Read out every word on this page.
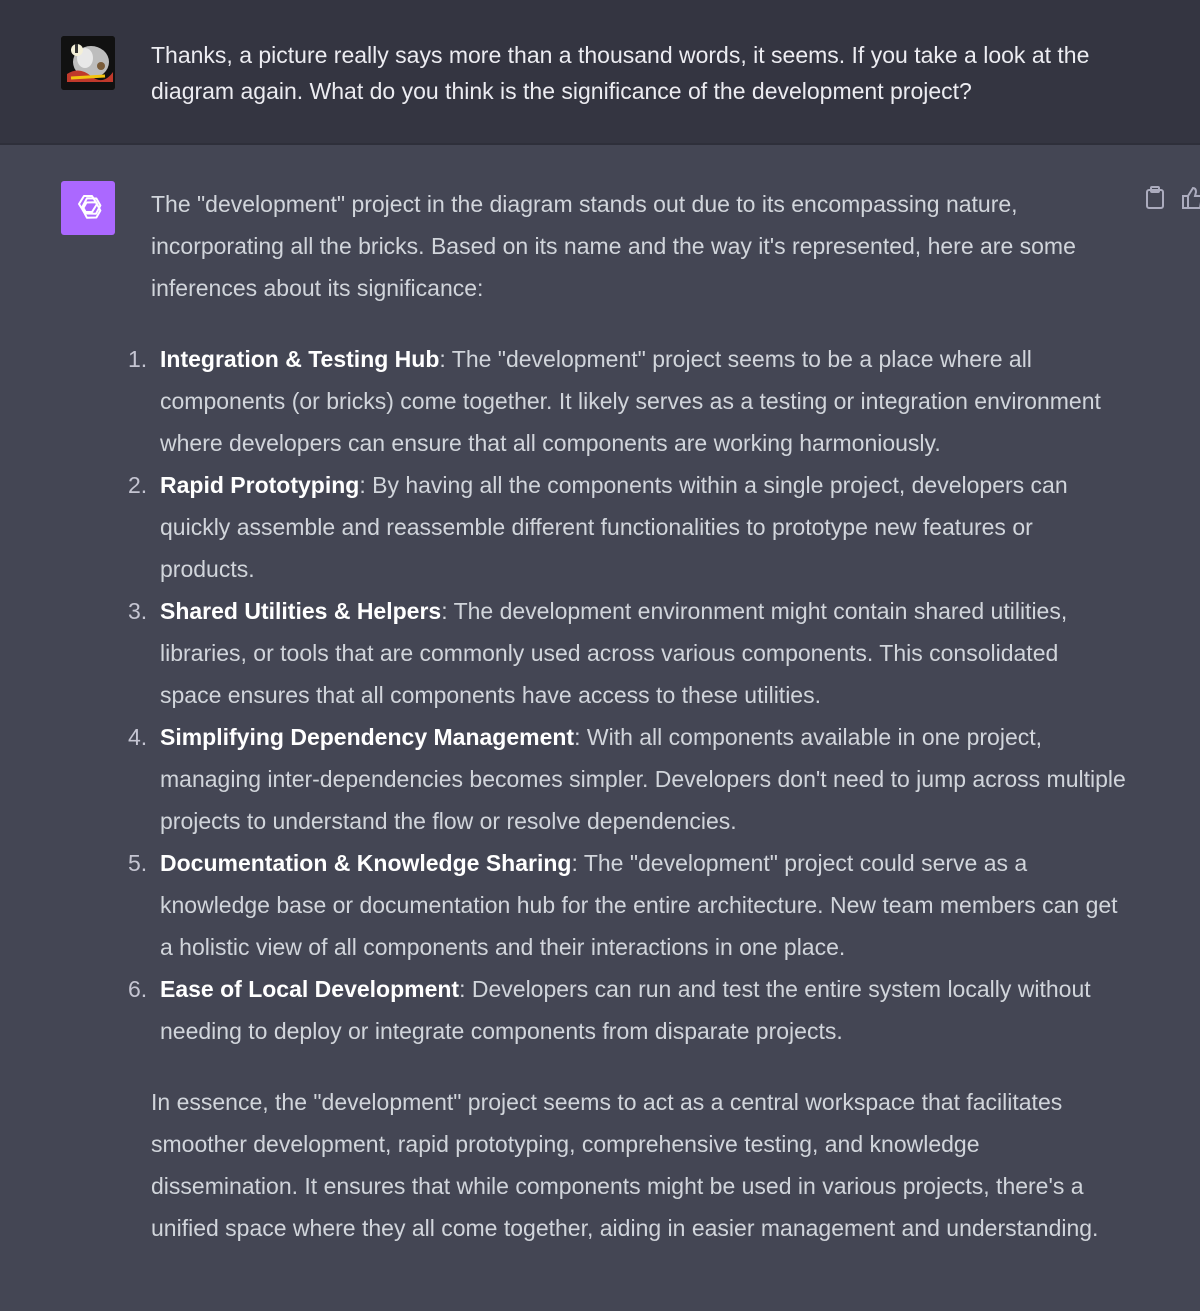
Thanks, a picture really says more than a thousand words, it seems. If you take a look at the diagram again. What do you think is the significance of the development project?

The "development" project in the diagram stands out due to its encompassing nature, incorporating all the bricks. Based on its name and the way it's represented, here are some inferences about its significance:

1. Integration & Testing Hub: The "development" project seems to be a place where all components (or bricks) come together. It likely serves as a testing or integration environment where developers can ensure that all components are working harmoniously.
2. Rapid Prototyping: By having all the components within a single project, developers can quickly assemble and reassemble different functionalities to prototype new features or products.
3. Shared Utilities & Helpers: The development environment might contain shared utilities, libraries, or tools that are commonly used across various components. This consolidated space ensures that all components have access to these utilities.
4. Simplifying Dependency Management: With all components available in one project, managing inter-dependencies becomes simpler. Developers don't need to jump across multiple projects to understand the flow or resolve dependencies.
5. Documentation & Knowledge Sharing: The "development" project could serve as a knowledge base or documentation hub for the entire architecture. New team members can get a holistic view of all components and their interactions in one place.
6. Ease of Local Development: Developers can run and test the entire system locally without needing to deploy or integrate components from disparate projects.

In essence, the "development" project seems to act as a central workspace that facilitates smoother development, rapid prototyping, comprehensive testing, and knowledge dissemination. It ensures that while components might be used in various projects, there's a unified space where they all come together, aiding in easier management and understanding.
